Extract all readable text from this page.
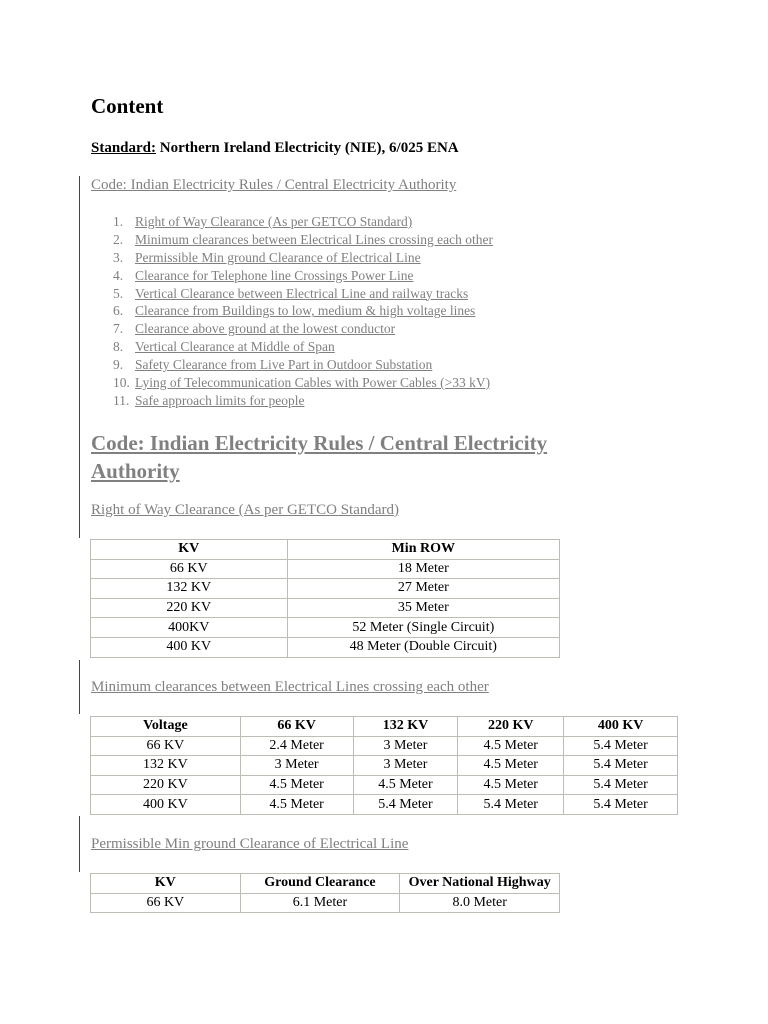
Content
Standard: Northern Ireland Electricity (NIE), 6/025 ENA
Code: Indian Electricity Rules / Central Electricity Authority
1. Right of Way Clearance (As per GETCO Standard)
2. Minimum clearances between Electrical Lines crossing each other
3. Permissible Min ground Clearance of Electrical Line
4. Clearance for Telephone line Crossings Power Line
5. Vertical Clearance between Electrical Line and railway tracks
6. Clearance from Buildings to low, medium & high voltage lines
7. Clearance above ground at the lowest conductor
8. Vertical Clearance at Middle of Span
9. Safety Clearance from Live Part in Outdoor Substation
10. Lying of Telecommunication Cables with Power Cables (>33 kV)
11. Safe approach limits for people
Code: Indian Electricity Rules / Central Electricity Authority
Right of Way Clearance (As per GETCO Standard)
KV	Min ROW
66 KV	18 Meter
132 KV	27 Meter
220 KV	35 Meter
400KV	52 Meter (Single Circuit)
400 KV	48 Meter (Double Circuit)
Minimum clearances between Electrical Lines crossing each other
Voltage	66 KV	132 KV	220 KV	400 KV
66 KV	2.4 Meter	3 Meter	4.5 Meter	5.4 Meter
132 KV	3 Meter	3 Meter	4.5 Meter	5.4 Meter
220 KV	4.5 Meter	4.5 Meter	4.5 Meter	5.4 Meter
400 KV	4.5 Meter	5.4 Meter	5.4 Meter	5.4 Meter
Permissible Min ground Clearance of Electrical Line
KV	Ground Clearance	Over National Highway
66 KV	6.1 Meter	8.0 Meter
